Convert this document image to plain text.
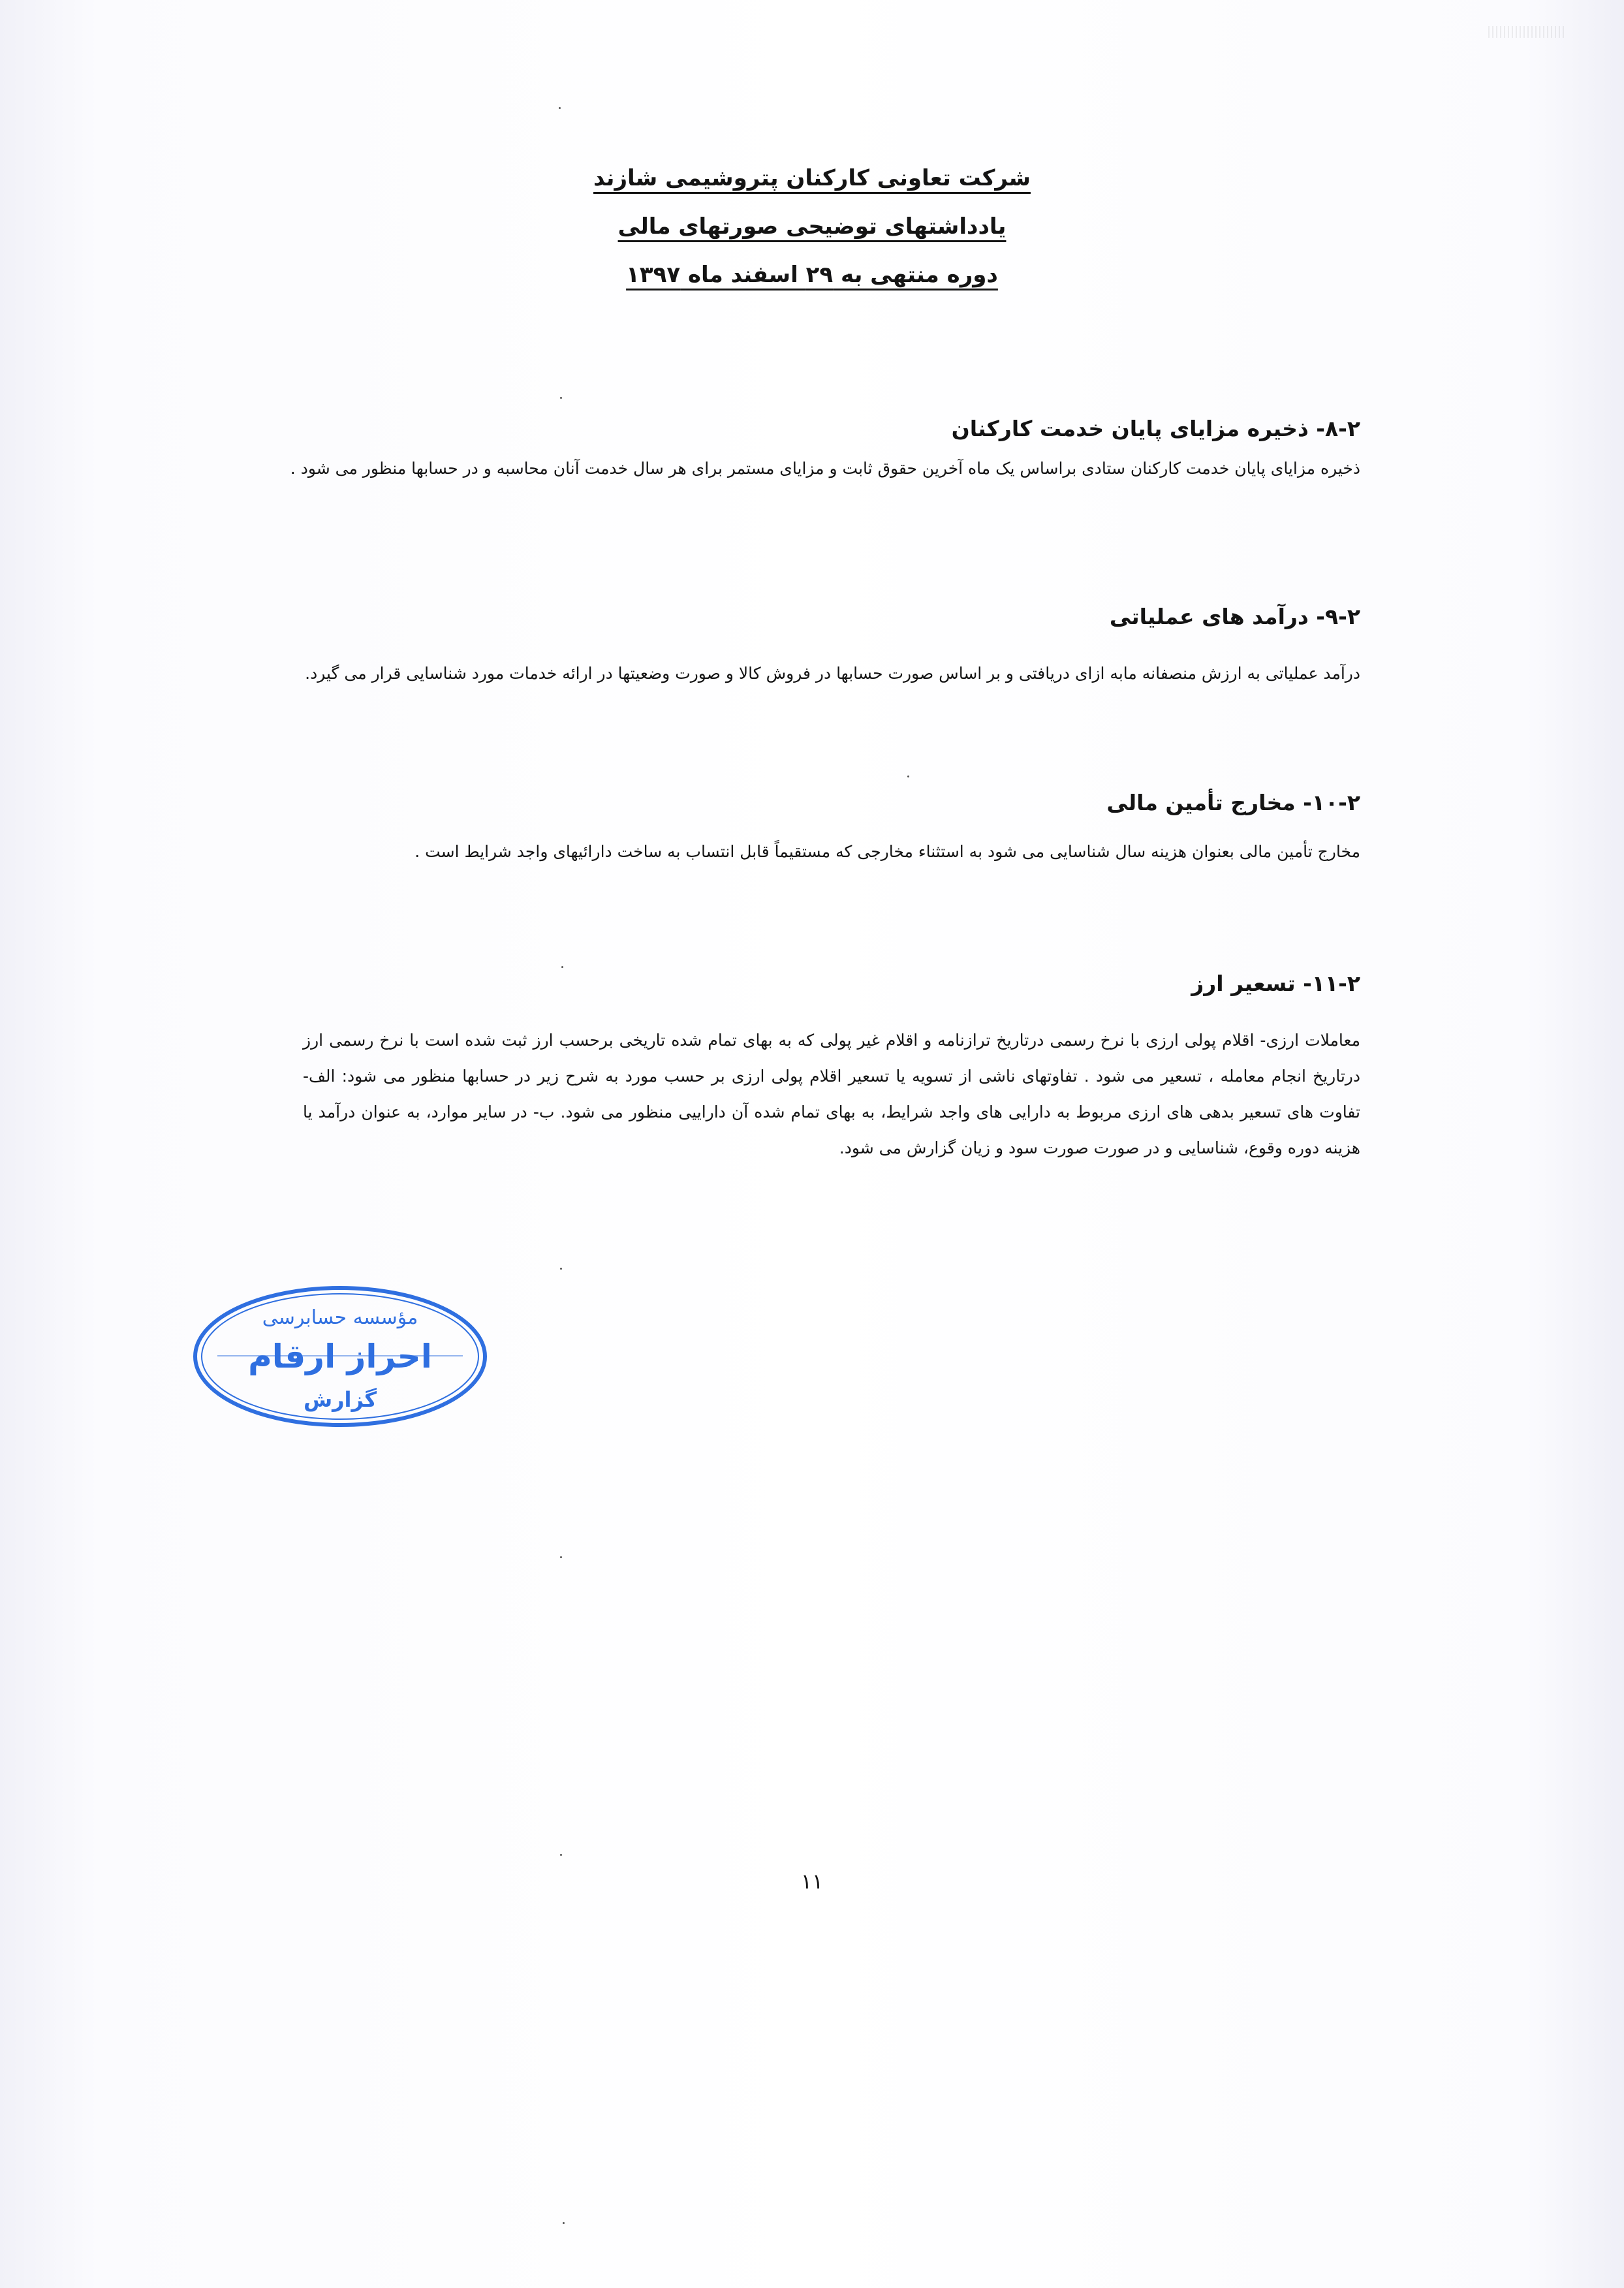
شرکت تعاونی کارکنان پتروشیمی شازند
یادداشتهای توضیحی صورتهای مالی
دوره منتهی به ۲۹ اسفند ماه ۱۳۹۷
۸-۲- ذخیره مزایای پایان خدمت کارکنان
ذخیره مزایای پایان خدمت کارکنان ستادی براساس یک ماه آخرین حقوق ثابت و مزایای مستمر برای هر سال خدمت آنان محاسبه و در حسابها منظور می شود .
۹-۲- درآمد های عملیاتی
درآمد عملیاتی به ارزش منصفانه مابه ازای دریافتی و بر اساس صورت حسابها در فروش کالا و صورت وضعیتها در ارائه خدمات مورد شناسایی قرار می گیرد.
۱۰-۲- مخارج تأمین مالی
مخارج تأمین مالی بعنوان هزینه سال شناسایی می شود به استثناء مخارجی که مستقیماً قابل انتساب به ساخت دارائیهای واجد شرایط است .
۱۱-۲- تسعیر ارز
معاملات ارزی- اقلام پولی ارزی با نرخ رسمی درتاریخ ترازنامه و اقلام غیر پولی که به بهای تمام شده تاریخی برحسب ارز ثبت شده است با نرخ رسمی ارز درتاریخ انجام معامله ، تسعیر می شود . تفاوتهای ناشی از تسویه یا تسعیر اقلام پولی ارزی بر حسب مورد به شرح زیر در حسابها منظور می شود: الف- تفاوت های تسعیر بدهی های ارزی مربوط به دارایی های واجد شرایط، به بهای تمام شده آن داراییی منظور می شود. ب- در سایر موارد، به عنوان درآمد یا هزینه دوره وقوع، شناسایی و در صورت صورت سود و زیان گزارش می شود.
مؤسسه حسابرسی
احراز ارقام
گزارش
۱۱
